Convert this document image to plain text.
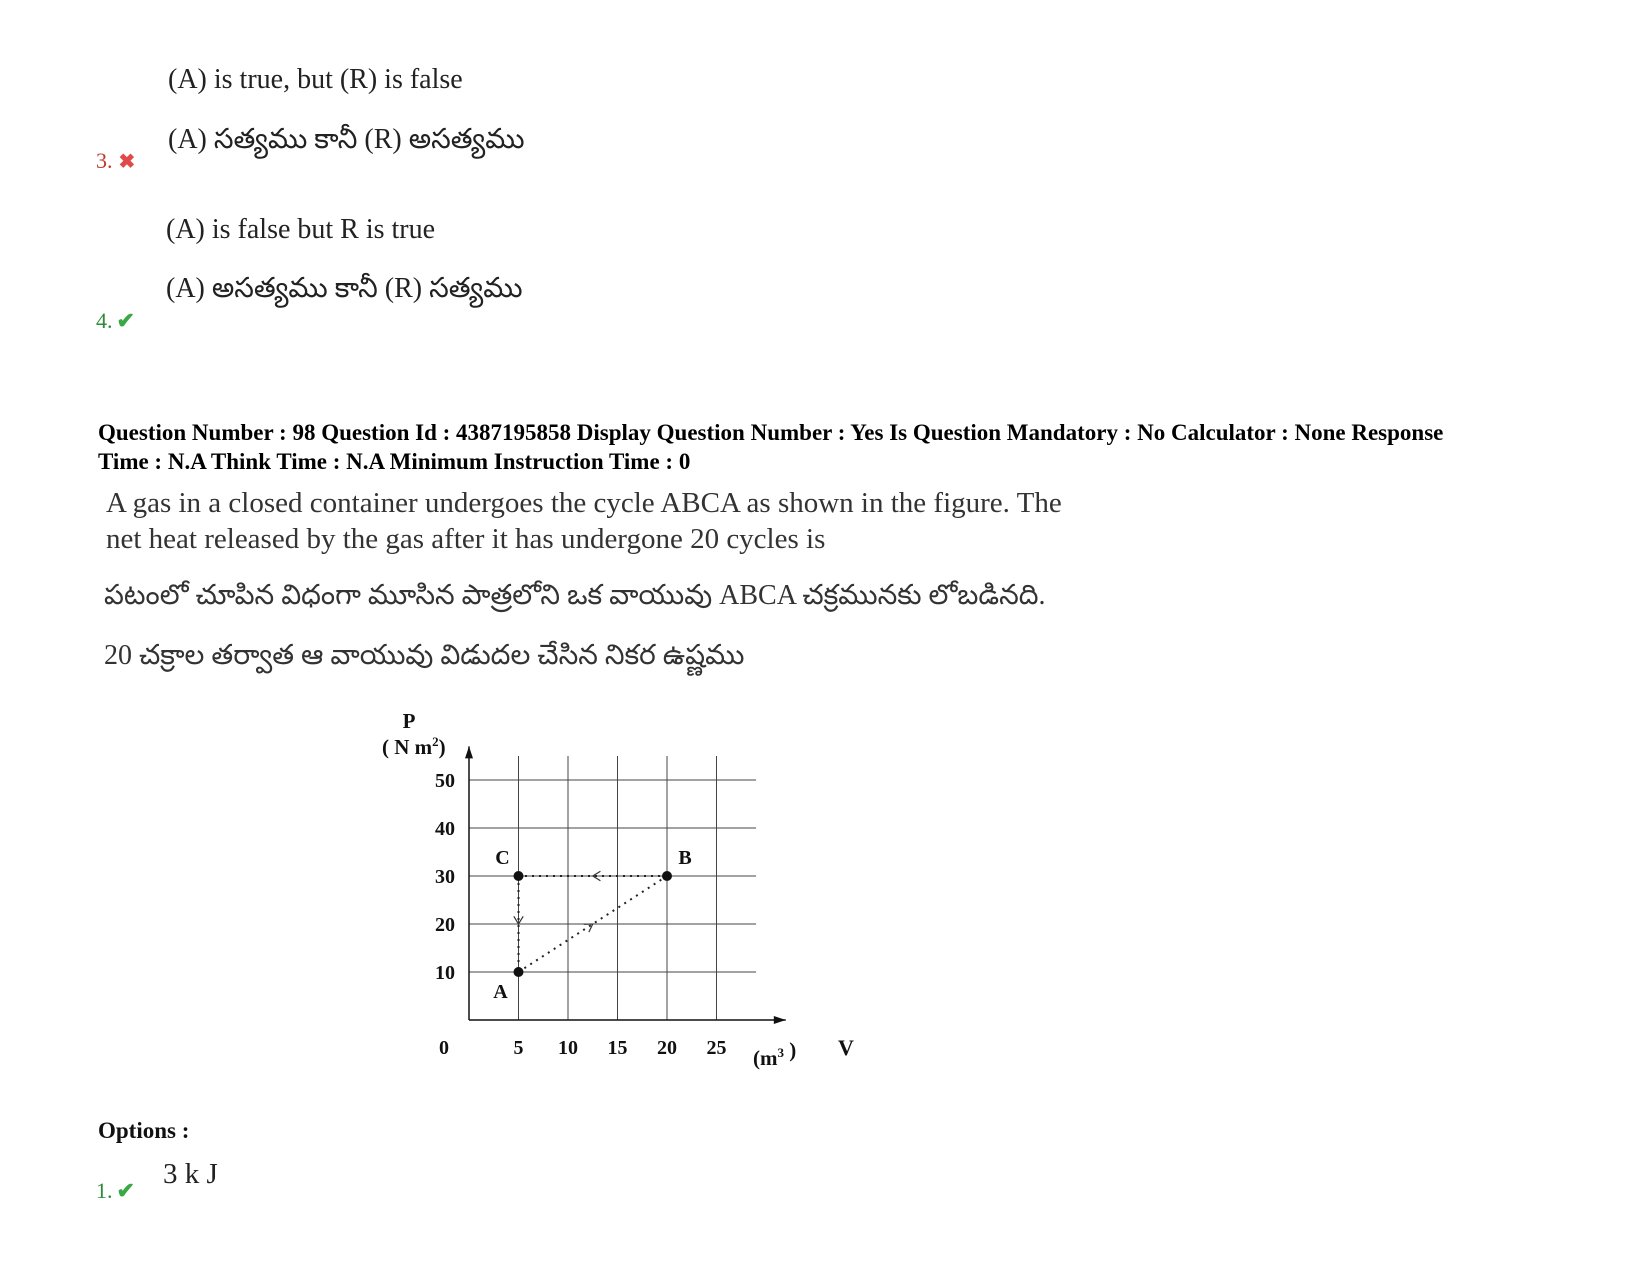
(A) is true, but (R) is false
(A) సత్యము కానీ (R) అసత్యము
3. ✖
(A) is false but R is true
(A) అసత్యము కానీ (R) సత్యము
4. ✔
Question Number : 98 Question Id : 4387195858 Display Question Number : Yes Is Question Mandatory : No Calculator : None Response
Time : N.A Think Time : N.A Minimum Instruction Time : 0
A gas in a closed container undergoes the cycle ABCA as shown in the figure. The
net heat released by the gas after it has undergone 20 cycles is
పటంలో చూపిన విధంగా మూసిన పాత్రలోని ఒక వాయువు ABCA చక్రమునకు లోబడినది.
20 చక్రాల తర్వాత ఆ వాయువు విడుదల చేసిన నికర ఉష్ణము
P
( N $m^2$)
($m^3$ ) V
10
20
30
40
50
0	5 10 15 20 25
A
B
C
Options :
1. ✔
3 k J
